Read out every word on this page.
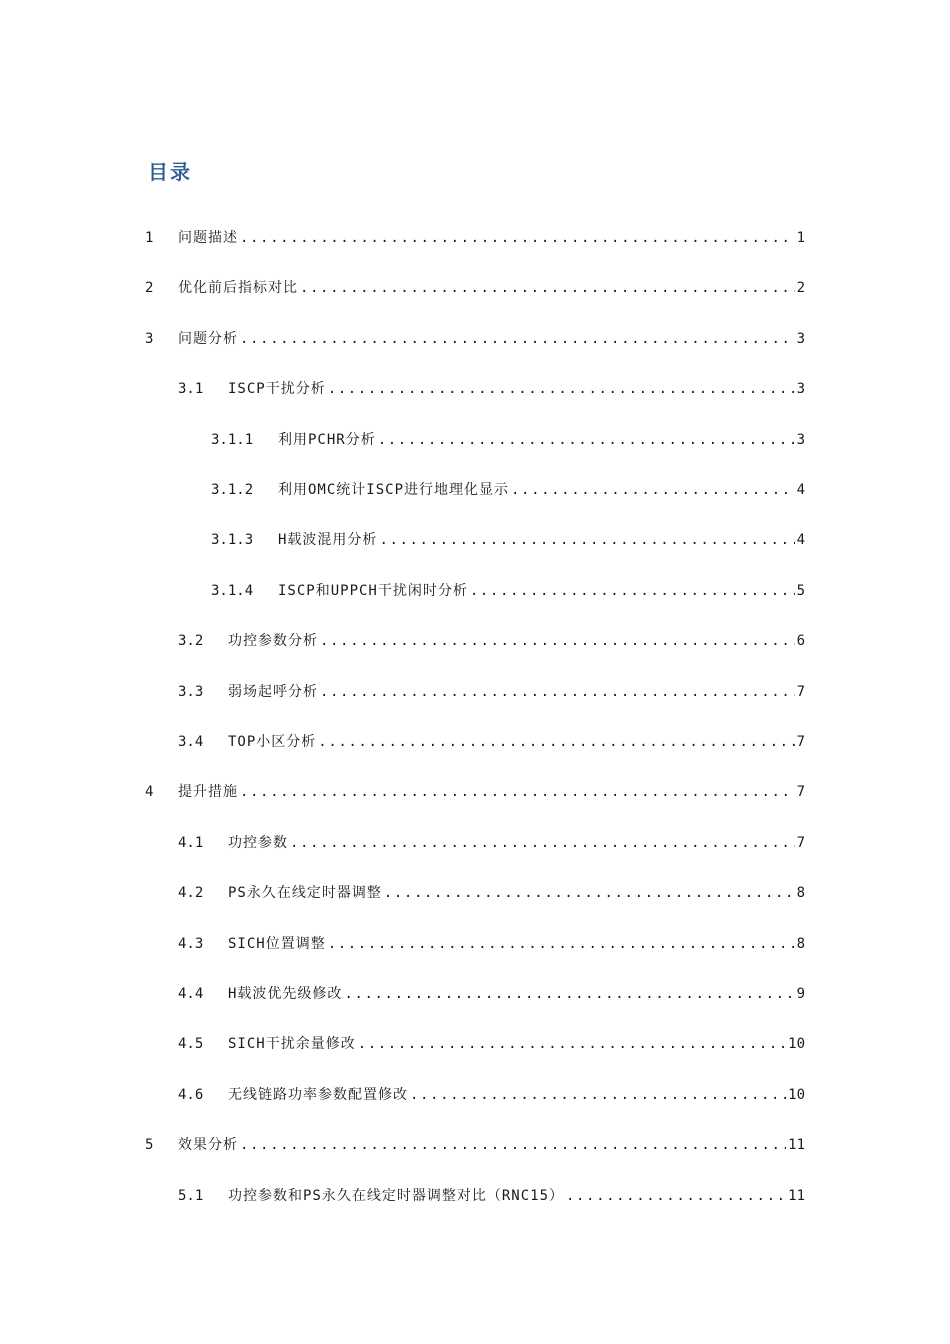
目录
1	问题描述 .....	1
2	优化前后指标对比 .....	2
3	问题分析 .....	3
3.1	ISCP干扰分析 .....	3
3.1.1	利用PCHR分析 .....	3
3.1.2	利用OMC统计ISCP进行地理化显示 .....	4
3.1.3	H载波混用分析 .....	4
3.1.4	ISCP和UPPCH干扰闲时分析 .....	5
3.2	功控参数分析 .....	6
3.3	弱场起呼分析 .....	7
3.4	TOP小区分析 .....	7
4	提升措施 .....	7
4.1	功控参数 .....	7
4.2	PS永久在线定时器调整 .....	8
4.3	SICH位置调整 .....	8
4.4	H载波优先级修改 .....	9
4.5	SICH干扰余量修改 .....	10
4.6	无线链路功率参数配置修改 .....	10
5	效果分析 .....	11
5.1	功控参数和PS永久在线定时器调整对比（RNC15） .....	11
